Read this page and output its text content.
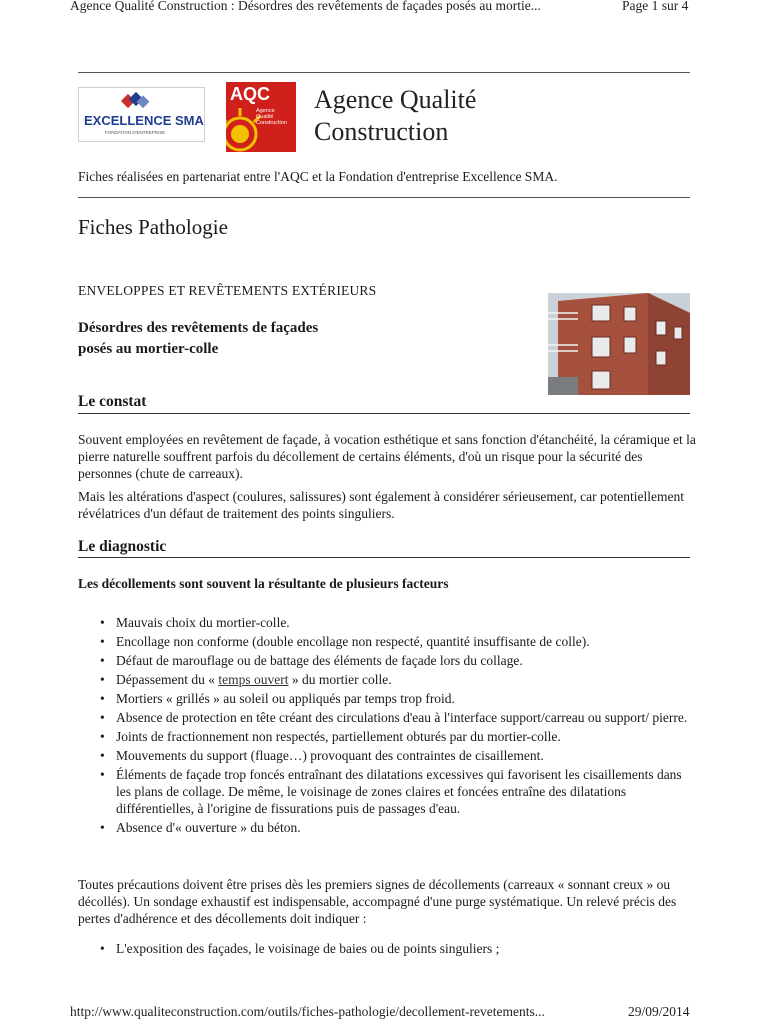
Agence Qualité Construction : Désordres des revêtements de façades posés au mortie...	Page 1 sur 4
EXCELLENCE SMA
FONDATION D'ENTREPRISE
AQC
Agence
Qualité
Construction
Agence Qualité
Construction
Fiches réalisées en partenariat entre l'AQC et la Fondation d'entreprise Excellence SMA.
Fiches Pathologie
ENVELOPPES ET REVÊTEMENTS EXTÉRIEURS
Désordres des revêtements de façades
posés au mortier-colle
Le constat
Souvent employées en revêtement de façade, à vocation esthétique et sans fonction d'étanchéité, la céramique et la pierre naturelle souffrent parfois du décollement de certains éléments, d'où un risque pour la sécurité des personnes (chute de carreaux).
Mais les altérations d'aspect (coulures, salissures) sont également à considérer sérieusement, car potentiellement révélatrices d'un défaut de traitement des points singuliers.
Le diagnostic
Les décollements sont souvent la résultante de plusieurs facteurs
• Mauvais choix du mortier-colle.
• Encollage non conforme (double encollage non respecté, quantité insuffisante de colle).
• Défaut de marouflage ou de battage des éléments de façade lors du collage.
• Dépassement du « temps ouvert » du mortier colle.
• Mortiers « grillés » au soleil ou appliqués par temps trop froid.
• Absence de protection en tête créant des circulations d'eau à l'interface support/carreau ou support/ pierre.
• Joints de fractionnement non respectés, partiellement obturés par du mortier-colle.
• Mouvements du support (fluage…) provoquant des contraintes de cisaillement.
• Éléments de façade trop foncés entraînant des dilatations excessives qui favorisent les cisaillements dans les plans de collage. De même, le voisinage de zones claires et foncées entraîne des dilatations différentielles, à l'origine de fissurations puis de passages d'eau.
• Absence d'« ouverture » du béton.
Toutes précautions doivent être prises dès les premiers signes de décollements (carreaux « sonnant creux » ou décollés). Un sondage exhaustif est indispensable, accompagné d'une purge systématique. Un relevé précis des pertes d'adhérence et des décollements doit indiquer :
• L'exposition des façades, le voisinage de baies ou de points singuliers ;
http://www.qualiteconstruction.com/outils/fiches-pathologie/decollement-revetements...	29/09/2014
